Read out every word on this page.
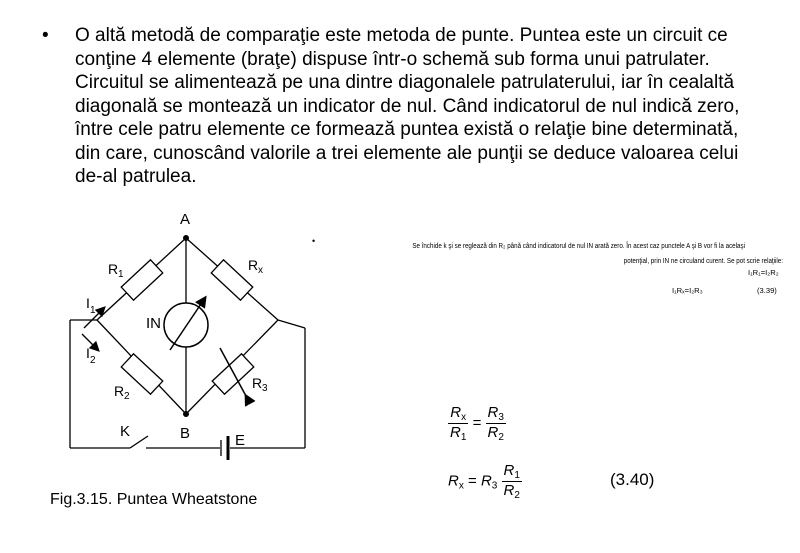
• O altă metodă de comparaţie este metoda de punte. Puntea este un circuit ce conţine 4 elemente (braţe) dispuse într-o schemă sub forma unui patrulater. Circuitul se alimentează pe una dintre diagonalele patrulaterului, iar în cealaltă diagonală se montează un indicator de nul. Când indicatorul de nul indică zero, între cele patru elemente ce formează puntea există o relaţie bine determinată, din care, cunoscând valorile a trei elemente ale punţii se deduce valoarea celui de-al patrulea.
A
B
R 1
R x
R 2
R 3
IN
I 1
I 2
K
E

Fig.3.15. Puntea Wheatstone

•	Se închide k şi se reglează din R₂ până când indicatorul de nul IN arată zero. În acest caz punctele A şi B vor fi la acelaşi
potenţial, prin IN ne circuland curent. Se pot scrie relaţiile:
I₁R₁=I₂R₂
I₁Rₓ=I₂R₃	(3.39)
$\frac{R_x}{R_1} = \frac{R_3}{R_2}$
$R_x = R_3 \frac{R_1}{R_2}$	(3.40)
